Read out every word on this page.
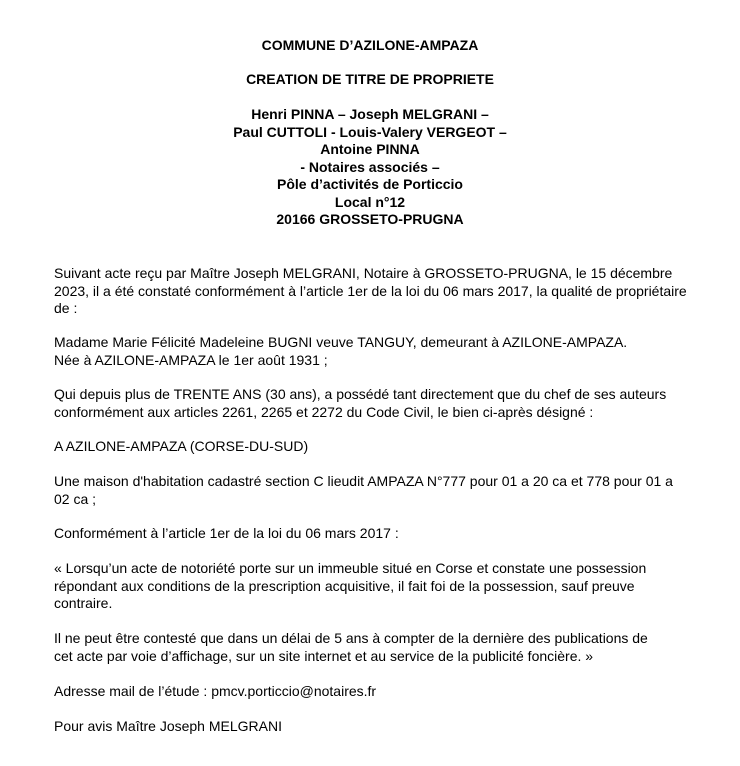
COMMUNE D’AZILONE-AMPAZA
CREATION DE TITRE DE PROPRIETE
Henri PINNA – Joseph MELGRANI –
Paul CUTTOLI - Louis-Valery VERGEOT –
Antoine PINNA
- Notaires associés –
Pôle d’activités de Porticcio
Local n°12
20166 GROSSETO-PRUGNA
Suivant acte reçu par Maître Joseph MELGRANI, Notaire à GROSSETO-PRUGNA, le 15 décembre
2023, il a été constaté conformément à l’article 1er de la loi du 06 mars 2017, la qualité de propriétaire
de :
Madame Marie Félicité Madeleine BUGNI veuve TANGUY, demeurant à AZILONE-AMPAZA.
Née à AZILONE-AMPAZA le 1er août 1931 ;
Qui depuis plus de TRENTE ANS (30 ans), a possédé tant directement que du chef de ses auteurs
conformément aux articles 2261, 2265 et 2272 du Code Civil, le bien ci-après désigné :
A AZILONE-AMPAZA (CORSE-DU-SUD)
Une maison d'habitation cadastré section C lieudit AMPAZA N°777 pour 01 a 20 ca et 778 pour 01 a
02 ca ;
Conformément à l’article 1er de la loi du 06 mars 2017 :
« Lorsqu’un acte de notoriété porte sur un immeuble situé en Corse et constate une possession
répondant aux conditions de la prescription acquisitive, il fait foi de la possession, sauf preuve
contraire.
Il ne peut être contesté que dans un délai de 5 ans à compter de la dernière des publications de
cet acte par voie d’affichage, sur un site internet et au service de la publicité foncière. »
Adresse mail de l’étude : pmcv.porticcio@notaires.fr
Pour avis Maître Joseph MELGRANI
